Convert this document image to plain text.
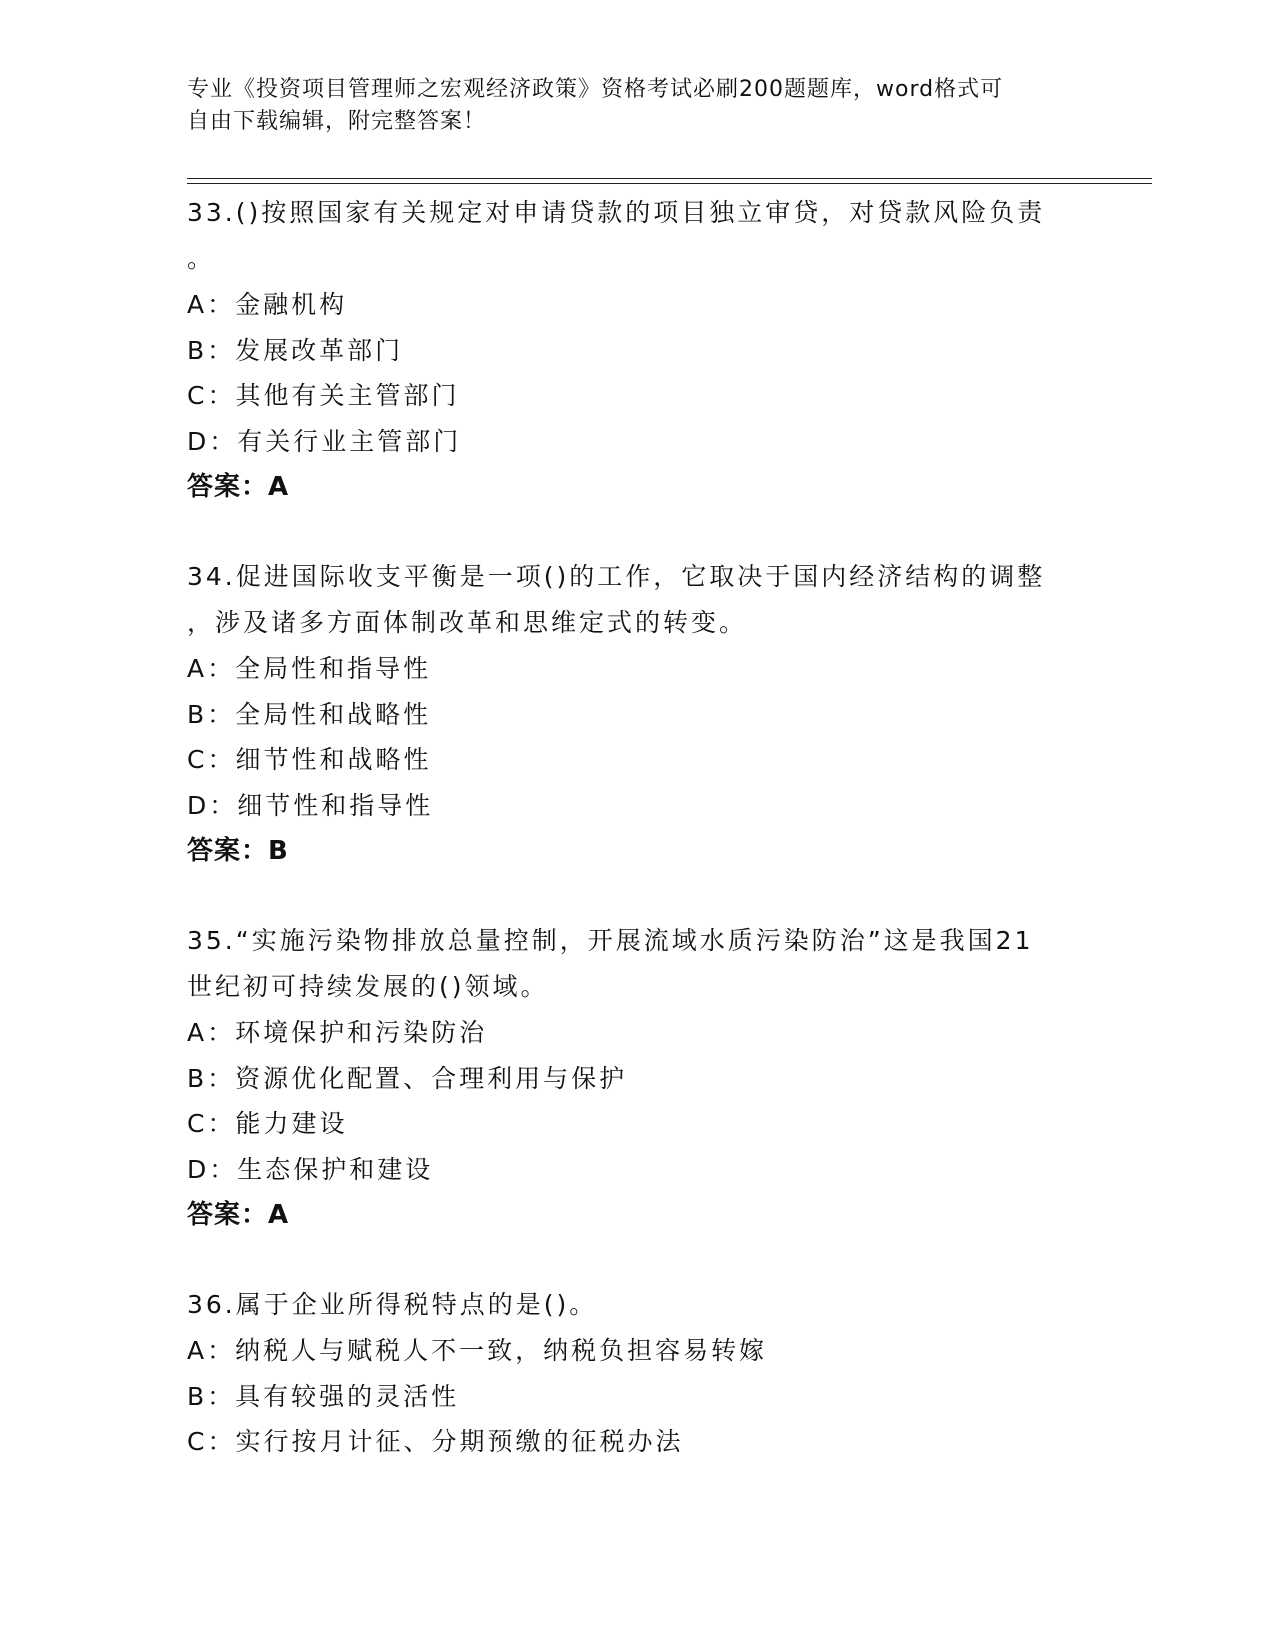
专业《投资项目管理师之宏观经济政策》资格考试必刷200题题库，word格式可
自由下载编辑，附完整答案！
33.()按照国家有关规定对申请贷款的项目独立审贷，对贷款风险负责
。
A：金融机构
B：发展改革部门
C：其他有关主管部门
D：有关行业主管部门
答案：A
34.促进国际收支平衡是一项()的工作，它取决于国内经济结构的调整
，涉及诸多方面体制改革和思维定式的转变。
A：全局性和指导性
B：全局性和战略性
C：细节性和战略性
D：细节性和指导性
答案：B
35.“实施污染物排放总量控制，开展流域水质污染防治”这是我国21
世纪初可持续发展的()领域。
A：环境保护和污染防治
B：资源优化配置、合理利用与保护
C：能力建设
D：生态保护和建设
答案：A
36.属于企业所得税特点的是()。
A：纳税人与赋税人不一致，纳税负担容易转嫁
B：具有较强的灵活性
C：实行按月计征、分期预缴的征税办法
